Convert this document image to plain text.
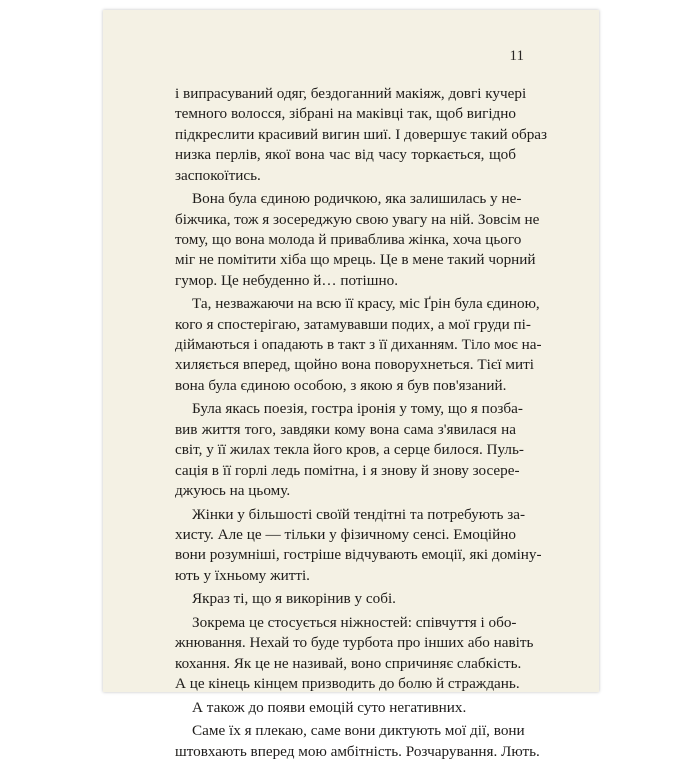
11

і випрасуваний одяг, бездоганний макіяж, довгі кучері
темного волосся, зібрані на маківці так, щоб вигідно
підкреслити красивий вигин шиї. І довершує такий образ
низка перлів, якої вона час від часу торкається, щоб
заспокоїтись.
Вона була єдиною родичкою, яка залишилась у не-
біжчика, тож я зосереджую свою увагу на ній. Зовсім не
тому, що вона молода й приваблива жінка, хоча цього
міг не помітити хіба що мрець. Це в мене такий чорний
гумор. Це небуденно й… потішно.
Та, незважаючи на всю її красу, міс Ґрін була єдиною,
кого я спостерігаю, затамувавши подих, а мої груди пі-
дiймаються і опадають в такт з її диханням. Тіло моє на-
хиляється вперед, щойно вона поворухнеться. Тієї миті
вона була єдиною особою, з якою я був пов'язаний.
Була якась поезія, гостра іронія у тому, що я позба-
вив життя того, завдяки кому вона сама з'явилася на
світ, у її жилах текла його кров, а серце билося. Пуль-
сація в її горлі ледь помітна, і я знову й знову зосере-
джуюсь на цьому.
Жінки у більшості своїй тендітні та потребують за-
хисту. Але це — тільки у фізичному сенсі. Емоційно
вони розумніші, гостріше відчувають емоції, які домiну-
ють у їхньому житті.
Якраз ті, що я викорінив у собі.
Зокрема це стосується ніжностей: співчуття і обо-
жнювання. Нехай то буде турбота про інших або навіть
кохання. Як це не називай, воно спричиняє слабкість.
А це кінець кінцем призводить до болю й страждань.
А також до появи емоцій суто негативних.
Саме їх я плекаю, саме вони диктують мої дії, вони
штовхають вперед мою амбітність. Розчарування. Лють.
